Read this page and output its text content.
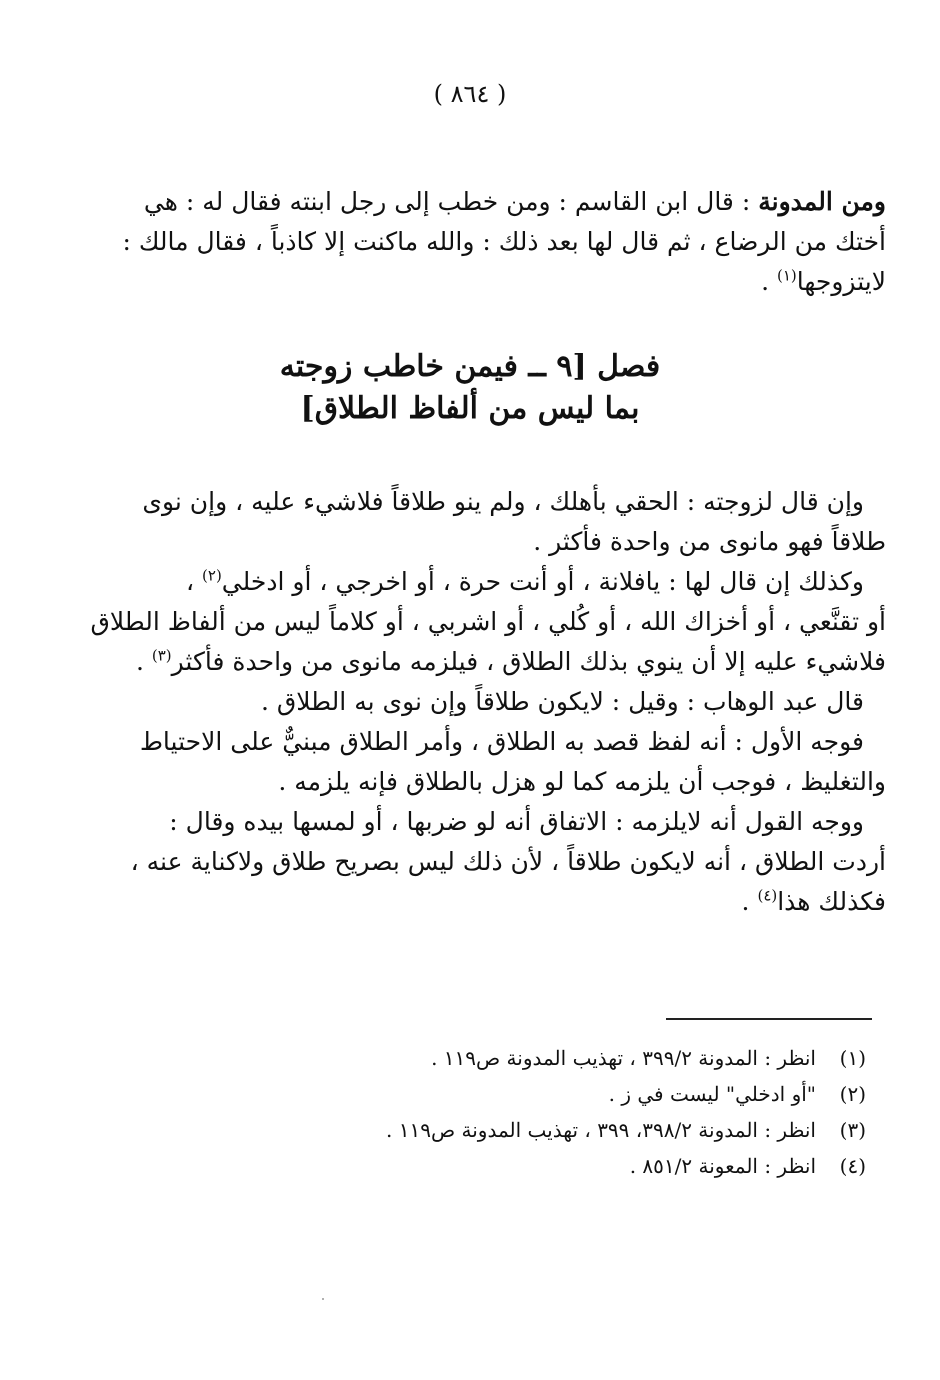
( ٨٦٤ )
ومن المدونة : قال ابن القاسم : ومن خطب إلى رجل ابنته فقال له : هي
أختك من الرضاع ، ثم قال لها بعد ذلك : والله ماكنت إلا كاذباً ، فقال مالك :
لايتزوجها$^{(١)}$ .
فصل [٩ ــ فيمن خاطب زوجته
بما ليس من ألفاظ الطلاق]
وإن قال لزوجته : الحقي بأهلك ، ولم ينو طلاقاً فلاشيء عليه ، وإن نوى
طلاقاً فهو مانوى من واحدة فأكثر .
وكذلك إن قال لها : يافلانة ، أو أنت حرة ، أو اخرجي ، أو ادخلي$^{(٢)}$ ،
أو تقنَّعي ، أو أخزاك الله ، أو كُلي ، أو اشربي ، أو كلاماً ليس من ألفاظ الطلاق
فلاشيء عليه إلا أن ينوي بذلك الطلاق ، فيلزمه مانوى من واحدة فأكثر$^{(٣)}$ .
قال عبد الوهاب : وقيل : لايكون طلاقاً وإن نوى به الطلاق .
فوجه الأول : أنه لفظ قصد به الطلاق ، وأمر الطلاق مبنيٌّ على الاحتياط
والتغليظ ، فوجب أن يلزمه كما لو هزل بالطلاق فإنه يلزمه .
ووجه القول أنه لايلزمه : الاتفاق أنه لو ضربها ، أو لمسها بيده وقال :
أردت الطلاق ، أنه لايكون طلاقاً ، لأن ذلك ليس بصريح طلاق ولاكناية عنه ،
فكذلك هذا$^{(٤)}$ .
(١)انظر : المدونة ٣٩٩/٢ ، تهذيب المدونة ص١١٩ .
(٢)"أو ادخلي" ليست في ز .
(٣)انظر : المدونة ٣٩٨/٢، ٣٩٩ ، تهذيب المدونة ص١١٩ .
(٤)انظر : المعونة ٨٥١/٢ .
